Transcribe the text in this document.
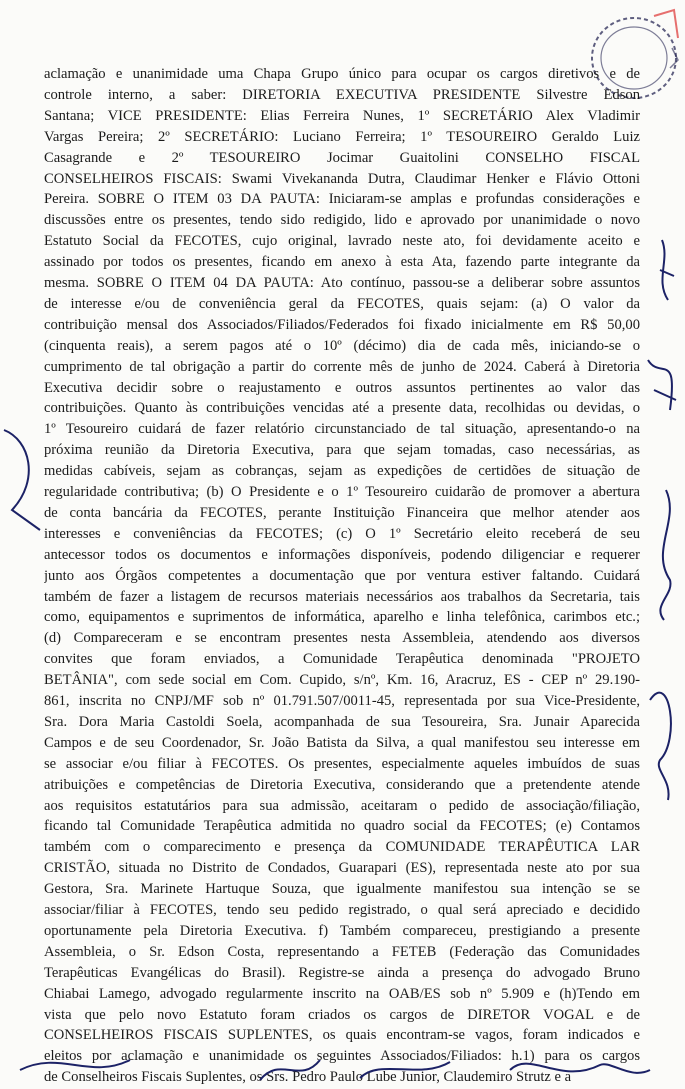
aclamação e unanimidade uma Chapa Grupo único para ocupar os cargos diretivos e de
controle interno, a saber: DIRETORIA EXECUTIVA PRESIDENTE Silvestre Edson
Santana; VICE PRESIDENTE: Elias Ferreira Nunes, 1º SECRETÁRIO Alex Vladimir
Vargas Pereira; 2º SECRETÁRIO: Luciano Ferreira; 1º TESOUREIRO Geraldo Luiz
Casagrande e 2º TESOUREIRO Jocimar Guaitolini CONSELHO FISCAL
CONSELHEIROS FISCAIS: Swami Vivekananda Dutra, Claudimar Henker e Flávio Ottoni
Pereira. SOBRE O ITEM 03 DA PAUTA: Iniciaram-se amplas e profundas considerações e
discussões entre os presentes, tendo sido redigido, lido e aprovado por unanimidade o novo
Estatuto Social da FECOTES, cujo original, lavrado neste ato, foi devidamente aceito e
assinado por todos os presentes, ficando em anexo à esta Ata, fazendo parte integrante da
mesma. SOBRE O ITEM 04 DA PAUTA: Ato contínuo, passou-se a deliberar sobre assuntos
de interesse e/ou de conveniência geral da FECOTES, quais sejam: (a) O valor da
contribuição mensal dos Associados/Filiados/Federados foi fixado inicialmente em R$ 50,00
(cinquenta reais), a serem pagos até o 10º (décimo) dia de cada mês, iniciando-se o
cumprimento de tal obrigação a partir do corrente mês de junho de 2024. Caberá à Diretoria
Executiva decidir sobre o reajustamento e outros assuntos pertinentes ao valor das
contribuições. Quanto às contribuições vencidas até a presente data, recolhidas ou devidas, o
1º Tesoureiro cuidará de fazer relatório circunstanciado de tal situação, apresentando-o na
próxima reunião da Diretoria Executiva, para que sejam tomadas, caso necessárias, as
medidas cabíveis, sejam as cobranças, sejam as expedições de certidões de situação de
regularidade contributiva; (b) O Presidente e o 1º Tesoureiro cuidarão de promover a abertura
de conta bancária da FECOTES, perante Instituição Financeira que melhor atender aos
interesses e conveniências da FECOTES; (c) O 1º Secretário eleito receberá de seu
antecessor todos os documentos e informações disponíveis, podendo diligenciar e requerer
junto aos Órgãos competentes a documentação que por ventura estiver faltando. Cuidará
também de fazer a listagem de recursos materiais necessários aos trabalhos da Secretaria, tais
como, equipamentos e suprimentos de informática, aparelho e linha telefônica, carimbos etc.;
(d) Compareceram e se encontram presentes nesta Assembleia, atendendo aos diversos
convites que foram enviados, a Comunidade Terapêutica denominada "PROJETO
BETÂNIA", com sede social em Com. Cupido, s/nº, Km. 16, Aracruz, ES - CEP nº 29.190-
861, inscrita no CNPJ/MF sob nº 01.791.507/0011-45, representada por sua Vice-Presidente,
Sra. Dora Maria Castoldi Soela, acompanhada de sua Tesoureira, Sra. Junair Aparecida
Campos e de seu Coordenador, Sr. João Batista da Silva, a qual manifestou seu interesse em
se associar e/ou filiar à FECOTES. Os presentes, especialmente aqueles imbuídos de suas
atribuições e competências de Diretoria Executiva, considerando que a pretendente atende
aos requisitos estatutários para sua admissão, aceitaram o pedido de associação/filiação,
ficando tal Comunidade Terapêutica admitida no quadro social da FECOTES; (e) Contamos
também com o comparecimento e presença da COMUNIDADE TERAPÊUTICA LAR
CRISTÃO, situada no Distrito de Condados, Guarapari (ES), representada neste ato por sua
Gestora, Sra. Marinete Hartuque Souza, que igualmente manifestou sua intenção se se
associar/filiar à FECOTES, tendo seu pedido registrado, o qual será apreciado e decidido
oportunamente pela Diretoria Executiva. f) Também compareceu, prestigiando a presente
Assembleia, o Sr. Edson Costa, representando a FETEB (Federação das Comunidades
Terapêuticas Evangélicas do Brasil). Registre-se ainda a presença do advogado Bruno
Chiabai Lamego, advogado regularmente inscrito na OAB/ES sob nº 5.909 e (h)Tendo em
vista que pelo novo Estatuto foram criados os cargos de DIRETOR VOGAL e de
CONSELHEIROS FISCAIS SUPLENTES, os quais encontram-se vagos, foram indicados e
eleitos por aclamação e unanimidade os seguintes Associados/Filiados: h.1) para os cargos
de Conselheiros Fiscais Suplentes, os Srs. Pedro Paulo Lube Junior, Claudemiro Strutz e a
